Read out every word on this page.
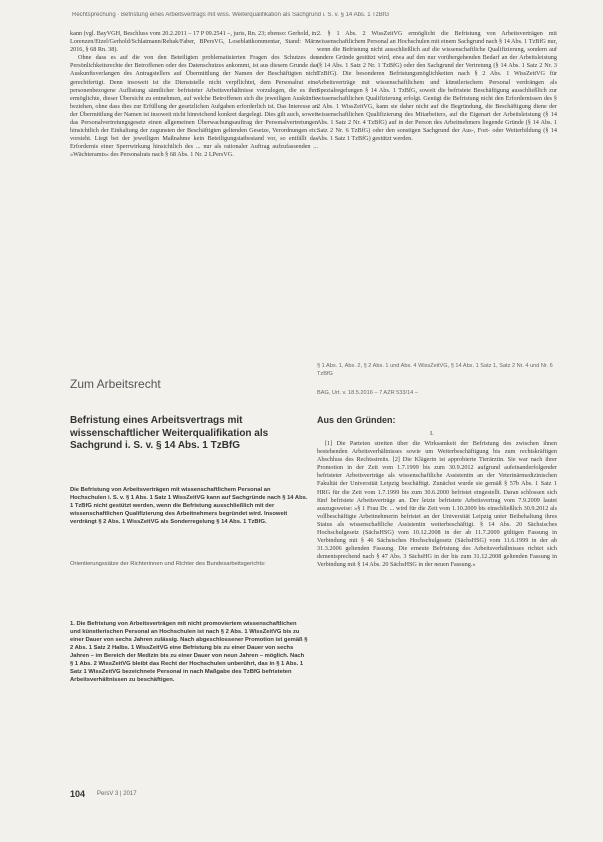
Rechtsprechung · Befristung eines Arbeitsvertrags mit wiss. Weiterqualifikation als Sachgrund i. S. v. § 14 Abs. 1 TzBfG

kann (vgl. BayVGH, Beschluss vom 20.2.2011 – 17 P 09.2541 –, juris, Rn. 23; ebenso: Gerhold, in: Lorenzen/Etzel/Gerhold/Schlatmann/Rehak/Faber, BPersVG, Loseblattkommentar, Stand: März 2016, § 68 Rn. 38).

Ohne dass es auf die von den Beteiligten problematisierten Fragen des Schutzes der Persönlichkeitsrechte der Betroffenen oder des Datenschutzes ankommt, ist aus diesem Grunde das Auskunftsverlangen des Antragstellers auf Übermittlung der Namen der Beschäftigten nicht gerechtfertigt. Denn insoweit ist die Dienststelle nicht verpflichtet, dem Personalrat eine personenbezogene Auflistung sämtlicher befristeter Arbeitsverhältnisse vorzulegen, die es ihm ermöglichte, dieser Übersicht zu entnehmen, auf welche Betroffenen sich die jeweiligen Auskünfte beziehen, ohne dass dies zur Erfüllung der gesetzlichen Aufgaben erforderlich ist. Das Interesse an der Übermittlung der Namen ist insoweit nicht hinreichend konkret dargelegt. Dies gilt auch, soweit das Personalvertretungsgesetz einen allgemeinen Überwachungsauftrag der Personalvertretungen hinsichtlich der Einhaltung der zugunsten der Beschäftigten geltenden Gesetze, Verordnungen etc. vorsieht. Liegt bei der jeweiligen Maßnahme kein Beteiligungstatbestand vor, so entfällt das Erfordernis einer Sperrwirkung hinsichtlich des ... nur als rationaler Auftrag aufzufassenden ... »Wächteramts« des Personalrats nach § 68 Abs. 1 Nr. 2 LPersVG.

2. § 1 Abs. 2 WissZeitVG ermöglicht die Befristung von Arbeitsverträgen mit wissenschaftlichem Personal an Hochschulen mit einem Sachgrund nach § 14 Abs. 1 TzBfG nur, wenn die Befristung nicht ausschließlich auf die wissenschaftliche Qualifizierung, sondern auf andere Gründe gestützt wird, etwa auf den nur vorübergehenden Bedarf an der Arbeitsleistung (§ 14 Abs. 1 Satz 2 Nr. 1 TzBfG) oder den Sachgrund der Vertretung (§ 14 Abs. 1 Satz 2 Nr. 3 TzBfG). Die besonderen Befristungsmöglichkeiten nach § 2 Abs. 1 WissZeitVG für Arbeitsverträge mit wissenschaftlichem und künstlerischem Personal verdrängen als Spezialregelungen § 14 Abs. 1 TzBfG, soweit die befristete Beschäftigung ausschließlich zur wissenschaftlichen Qualifizierung erfolgt. Genügt die Befristung nicht den Erfordernissen des § 2 Abs. 1 WissZeitVG, kann sie daher nicht auf die Begründung, die Beschäftigung diene der wissenschaftlichen Qualifizierung des Mitarbeiters, auf die Eigenart der Arbeitsleistung (§ 14 Abs. 1 Satz 2 Nr. 4 TzBfG) auf in der Person des Arbeitnehmers liegende Gründe (§ 14 Abs. 1 Satz 2 Nr. 6 TzBfG) oder den sonstigen Sachgrund der Aus-, Fort- oder Weiterbildung (§ 14 Abs. 1 Satz 1 TzBfG) gestützt werden.

§ 1 Abs. 1, Abs. 2, § 2 Abs. 1 und Abs. 4 WissZeitVG, § 14 Abs. 1 Satz 1, Satz 2 Nr. 4 und Nr. 6 TzBfG
BAG, Urt. v. 18.5.2016 – 7 AZR 533/14 –
Zum Arbeitsrecht
Befristung eines Arbeitsvertrags mit wissenschaftlicher Weiterqualifikation als Sachgrund i. S. v. § 14 Abs. 1 TzBfG
Die Befristung von Arbeitsverträgen mit wissenschaftlichem Personal an Hochschulen i. S. v. § 1 Abs. 1 Satz 1 WissZeitVG kann auf Sachgründe nach § 14 Abs. 1 TzBfG nicht gestützt werden, wenn die Befristung ausschließlich mit der wissenschaftlichen Qualifizierung des Arbeitnehmers begründet wird. Insoweit verdrängt § 2 Abs. 1 WissZeitVG als Sonderregelung § 14 Abs. 1 TzBfG.
Orientierungssätze der Richterinnen und Richter des Bundesarbeitsgerichts:
1. Die Befristung von Arbeitsverträgen mit nicht promoviertem wissenschaftlichen und künstlerischen Personal an Hochschulen ist nach § 2 Abs. 1 WissZeitVG bis zu einer Dauer von sechs Jahren zulässig. Nach abgeschlossener Promotion ist gemäß § 2 Abs. 1 Satz 2 Halbs. 1 WissZeitVG eine Befristung bis zu einer Dauer von sechs Jahren – im Bereich der Medizin bis zu einer Dauer von neun Jahren – möglich. Nach § 1 Abs. 2 WissZeitVG bleibt das Recht der Hochschulen unberührt, das in § 1 Abs. 1 Satz 1 WissZeitVG bezeichnete Personal in nach Maßgabe des TzBfG befristeten Arbeitsverhältnissen zu beschäftigen.
Aus den Gründen:
I.

[1] Die Parteien streiten über die Wirksamkeit der Befristung des zwischen ihnen bestehenden Arbeitsverhältnisses sowie um Weiterbeschäftigung bis zum rechtskräftigen Abschluss des Rechtsstreits. [2] Die Klägerin ist approbierte Tierärztin. Sie war nach ihrer Promotion in der Zeit vom 1.7.1999 bis zum 30.9.2012 aufgrund aufeinanderfolgender befristeter Arbeitsverträge als wissenschaftliche Assistentin an der Veterinärmedizinischen Fakultät der Universität Leipzig beschäftigt. Zunächst wurde sie gemäß § 57b Abs. 1 Satz 1 HRG für die Zeit vom 1.7.1999 bis zum 30.6.2000 befristet eingestellt. Daran schlossen sich fünf befristete Arbeitsverträge an. Der letzte befristete Arbeitsvertrag vom 7.9.2009 lautet auszugsweise: »§ 1 Frau Dr. ... wird für die Zeit vom 1.10.2009 bis einschließlich 30.9.2012 als vollbeschäftigte Arbeitnehmerin befristet an der Universität Leipzig unter Beibehaltung ihres Status als wissenschaftliche Assistentin weiterbeschäftigt. § 14 Abs. 20 Sächsisches Hochschulgesetz (SächsHSG) vom 10.12.2008 in der ab 11.7.2009 gültigen Fassung in Verbindung mit § 46 Sächsisches Hochschulgesetz (SächsHSG) vom 11.6.1999 in der ab 31.3.2006 geltenden Fassung. Die erneute Befristung des Arbeitsverhältnisses richtet sich dementsprechend nach § 47 Abs. 3 SächsHG in der bis zum 31.12.2008 geltenden Fassung in Verbindung mit § 14 Abs. 20 SächsHSG in der neuen Fassung.«

104 PersV 3 | 2017
